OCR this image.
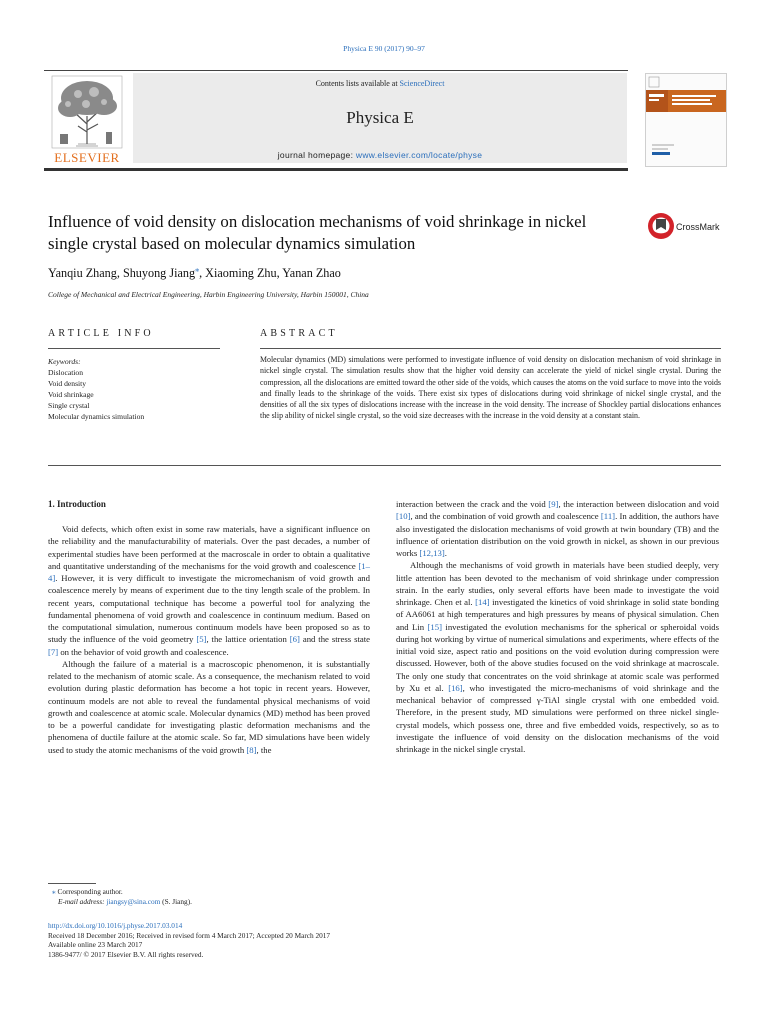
Physica E 90 (2017) 90–97
Contents lists available at ScienceDirect
Physica E
journal homepage: www.elsevier.com/locate/physe
ELSEVIER
Influence of void density on dislocation mechanisms of void shrinkage in nickel single crystal based on molecular dynamics simulation
CrossMark
Yanqiu Zhang, Shuyong Jiang⁎, Xiaoming Zhu, Yanan Zhao
College of Mechanical and Electrical Engineering, Harbin Engineering University, Harbin 150001, China
ARTICLE INFO	ABSTRACT
Keywords:
Dislocation
Void density
Void shrinkage
Single crystal
Molecular dynamics simulation
Molecular dynamics (MD) simulations were performed to investigate influence of void density on dislocation mechanism of void shrinkage in nickel single crystal. The simulation results show that the higher void density can accelerate the yield of nickel single crystal. During the compression, all the dislocations are emitted toward the other side of the voids, which causes the atoms on the void surface to move into the voids and finally leads to the shrinkage of the voids. There exist six types of dislocations during void shrinkage of nickel single crystal, and the densities of all the six types of dislocations increase with the increase in the void density. The increase of Shockley partial dislocations enhances the slip ability of nickel single crystal, so the void size decreases with the increase in the void density at a constant stain.
1. Introduction

Void defects, which often exist in some raw materials, have a significant influence on the reliability and the manufacturability of materials. Over the past decades, a number of experimental studies have been performed at the macroscale in order to obtain a qualitative and quantitative understanding of the mechanisms for the void growth and coalescence [1–4]. However, it is very difficult to investigate the micromechanism of void growth and coalescence merely by means of experiment due to the tiny length scale of the problem. In recent years, computational technique has become a powerful tool for analyzing the fundamental phenomena of void growth and coalescence in continuum medium. Based on the computational simulation, numerous continuum models have been proposed so as to study the influence of the void geometry [5], the lattice orientation [6] and the stress state [7] on the behavior of void growth and coalescence.

Although the failure of a material is a macroscopic phenomenon, it is substantially related to the mechanism of atomic scale. As a consequence, the mechanism related to void evolution during plastic deformation has become a hot topic in recent years. However, continuum models are not able to reveal the fundamental physical mechanisms of void growth and coalescence at atomic scale. Molecular dynamics (MD) method has been proved to be a powerful candidate for investigating plastic deformation mechanisms and the phenomena of ductile failure at the atomic scale. So far, MD simulations have been widely used to study the atomic mechanisms of the void growth [8], the

interaction between the crack and the void [9], the interaction between dislocation and void [10], and the combination of void growth and coalescence [11]. In addition, the authors have also investigated the dislocation mechanisms of void growth at twin boundary (TB) and the influence of orientation distribution on the void growth in nickel, as shown in our previous works [12,13].

Although the mechanisms of void growth in materials have been studied deeply, very little attention has been devoted to the mechanism of void shrinkage under compression strain. In the early studies, only several efforts have been made to investigate the void shrinkage. Chen et al. [14] investigated the kinetics of void shrinkage in solid state bonding of AA6061 at high temperatures and high pressures by means of physical simulation. Chen and Lin [15] investigated the evolution mechanisms for the spherical or spheroidal voids during hot working by virtue of numerical simulations and experiments, where effects of the initial void size, aspect ratio and positions on the void evolution during compression were discussed. However, both of the above studies focused on the void shrinkage at macroscale. The only one study that concentrates on the void shrinkage at atomic scale was performed by Xu et al. [16], who investigated the micro-mechanisms of void shrinkage and the mechanical behavior of compressed γ-TiAl single crystal with one embedded void. Therefore, in the present study, MD simulations were performed on three nickel single-crystal models, which possess one, three and five embedded voids, respectively, so as to investigate the influence of void density on the dislocation mechanisms of the void shrinkage in the nickel single crystal.

⁎ Corresponding author.
E-mail address: jiangsy@sina.com (S. Jiang).
http://dx.doi.org/10.1016/j.physe.2017.03.014
Received 18 December 2016; Received in revised form 4 March 2017; Accepted 20 March 2017
Available online 23 March 2017
1386-9477/ © 2017 Elsevier B.V. All rights reserved.
